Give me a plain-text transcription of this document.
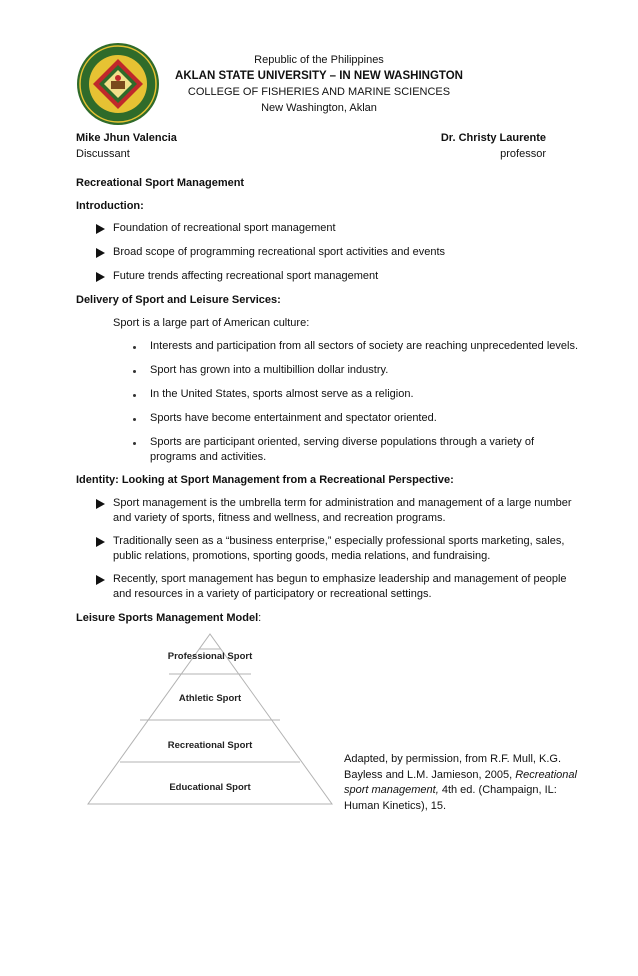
Republic of the Philippines
AKLAN STATE UNIVERSITY – IN NEW WASHINGTON
COLLEGE OF FISHERIES AND MARINE SCIENCES
New Washington, Aklan
Mike Jhun Valencia
Discussant
Dr. Christy Laurente
professor
Recreational Sport Management
Introduction:
Foundation of recreational sport management
Broad scope of programming recreational sport activities and events
Future trends affecting recreational sport management
Delivery of Sport and Leisure Services:
Sport is a large part of American culture:
Interests and participation from all sectors of society are reaching unprecedented levels.
Sport has grown into a multibillion dollar industry.
In the United States, sports almost serve as a religion.
Sports have become entertainment and spectator oriented.
Sports are participant oriented, serving diverse populations through a variety of
programs and activities.
Identity: Looking at Sport Management from a Recreational Perspective:
Sport management is the umbrella term for administration and management of a large number
and variety of sports, fitness and wellness, and recreation programs.
Traditionally seen as a “business enterprise,” especially professional sports marketing, sales,
public relations, promotions, sporting goods, media relations, and fundraising.
Recently, sport management has begun to emphasize leadership and management of people
and resources in a variety of participatory or recreational settings.
Leisure Sports Management Model:
Professional Sport
Athletic Sport
Recreational Sport
Educational Sport
Adapted, by permission, from R.F. Mull, K.G.
Bayless and L.M. Jamieson, 2005, Recreational
sport management, 4th ed. (Champaign, IL:
Human Kinetics), 15.
